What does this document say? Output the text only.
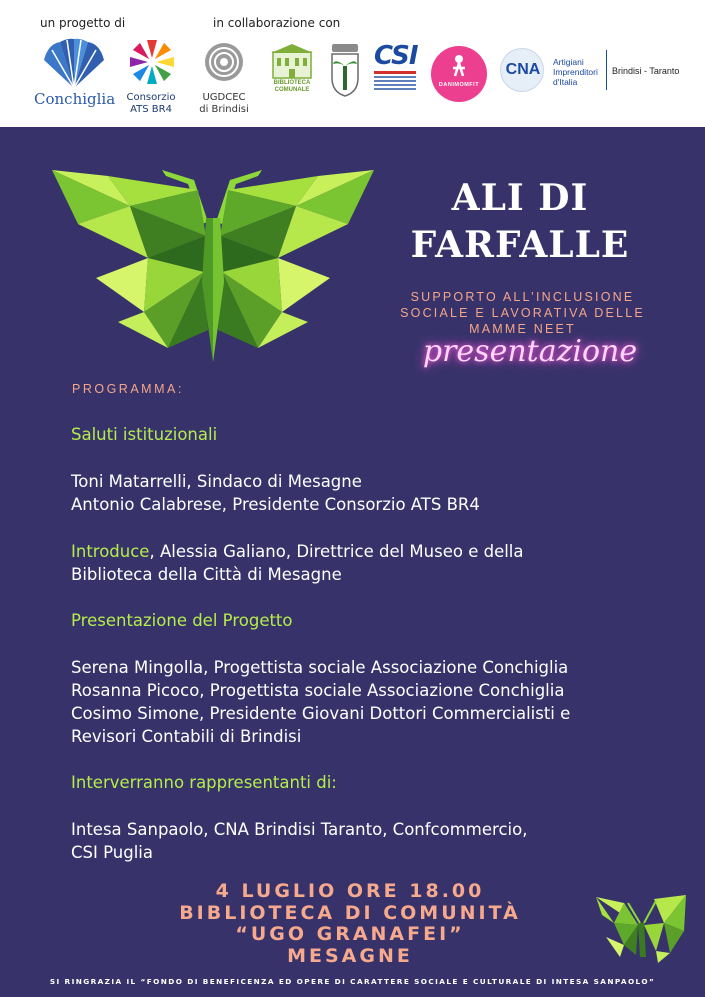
un progetto di	in collaborazione con
Conchiglia	Consorzio
ATS BR4
UGDCEC
di Brindisi
BIBLIOTECA COMUNALE
CSI
DANIMOMFIT
CNA	Artigiani
Imprenditori
d'Italia
Brindisi - Taranto
ALI DI
FARFALLE
SUPPORTO ALL’INCLUSIONE
SOCIALE E LAVORATIVA DELLE
MAMME NEET
presentazione
PROGRAMMA:
Saluti istituzionali
Toni Matarrelli, Sindaco di Mesagne
Antonio Calabrese, Presidente Consorzio ATS BR4
Introduce, Alessia Galiano, Direttrice del Museo e della
Biblioteca della Città di Mesagne
Presentazione del Progetto
Serena Mingolla, Progettista sociale Associazione Conchiglia
Rosanna Picoco, Progettista sociale Associazione Conchiglia
Cosimo Simone, Presidente Giovani Dottori Commercialisti e
Revisori Contabili di Brindisi
Interverranno rappresentanti di:
Intesa Sanpaolo, CNA Brindisi Taranto, Confcommercio,
CSI Puglia
4 LUGLIO ORE 18.00
BIBLIOTECA DI COMUNITÀ
“UGO GRANAFEI”
MESAGNE
SI RINGRAZIA IL “FONDO DI BENEFICENZA ED OPERE DI CARATTERE SOCIALE E CULTURALE DI INTESA SANPAOLO”
